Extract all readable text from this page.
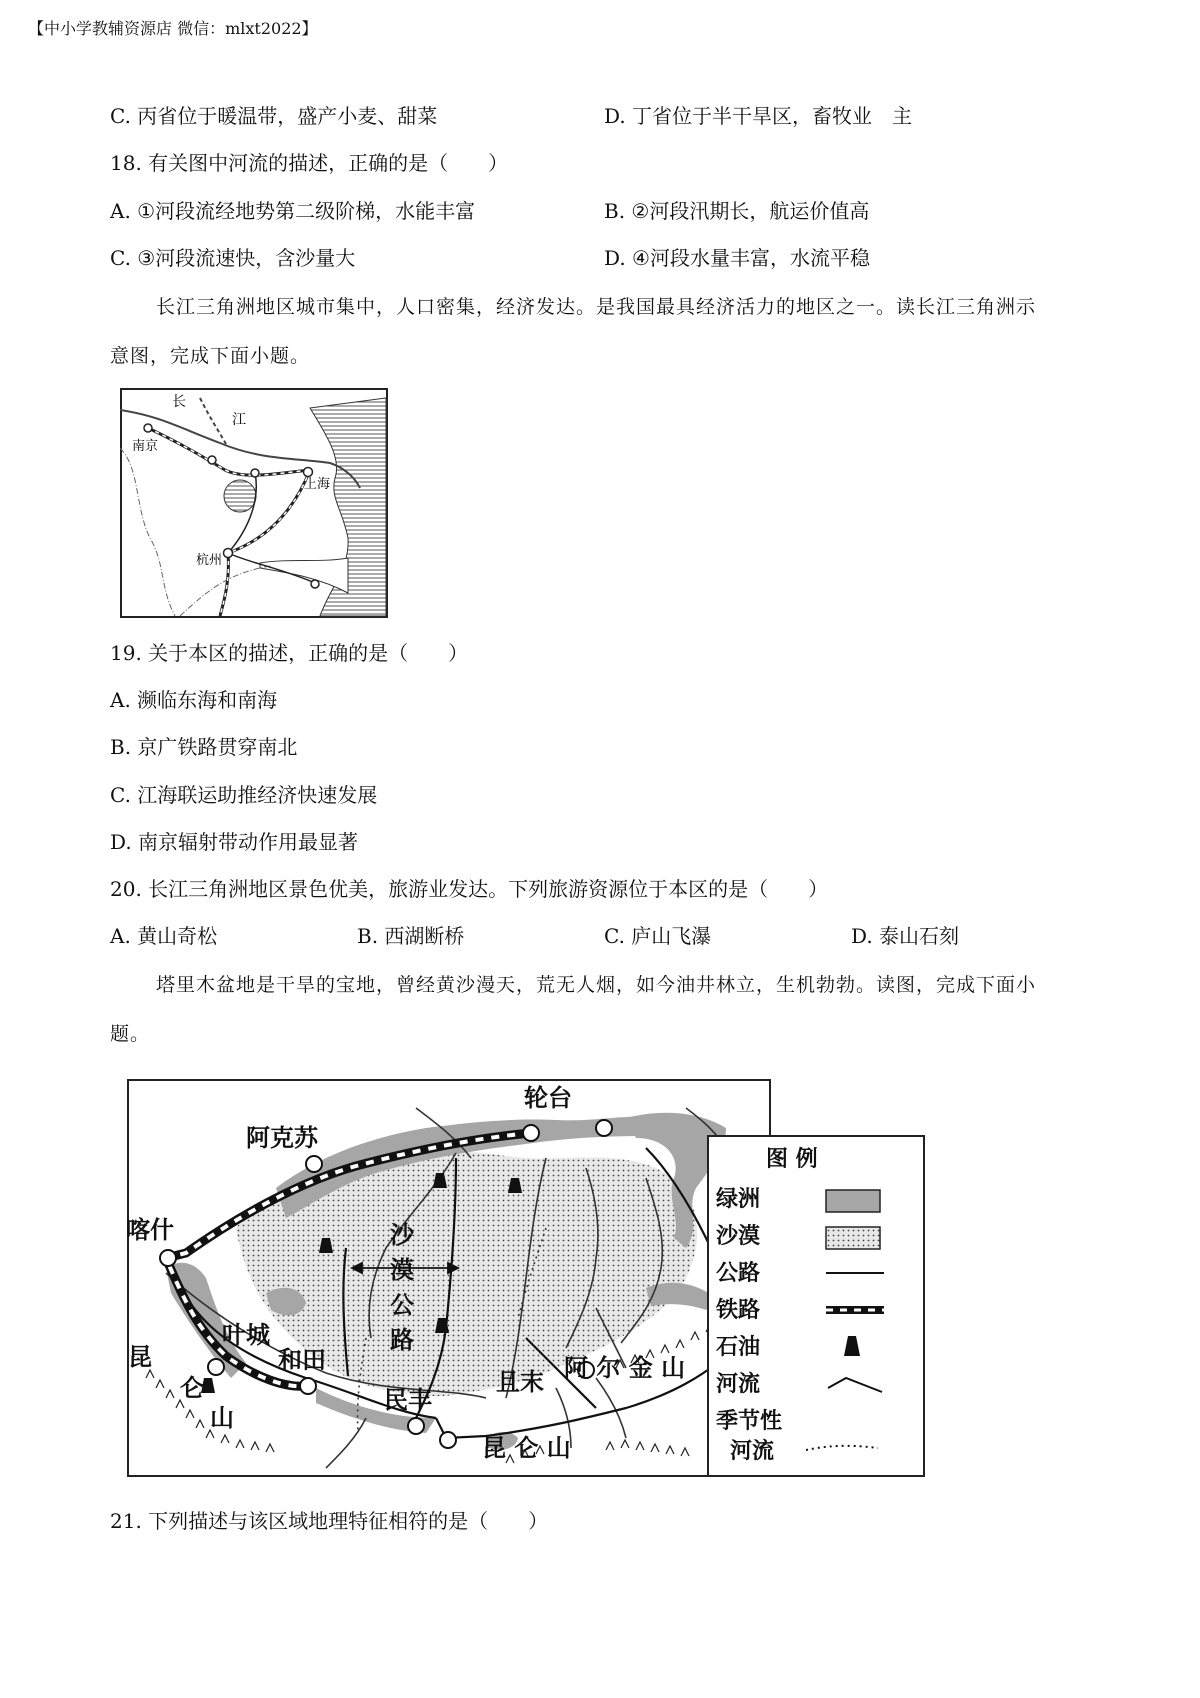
【中小学教辅资源店 微信：mlxt2022】
C. 丙省位于暖温带，盛产小麦、甜菜	D. 丁省位于半干旱区，畜牧业　主
18. 有关图中河流的描述，正确的是（　　）
A. ①河段流经地势第二级阶梯，水能丰富	B. ②河段汛期长，航运价值高
C. ③河段流速快，含沙量大	D. ④河段水量丰富，水流平稳
长江三角洲地区城市集中，人口密集，经济发达。是我国最具经济活力的地区之一。读长江三角洲示
意图，完成下面小题。
长
江
南京
上海
杭州
19. 关于本区的描述，正确的是（　　）
A. 濒临东海和南海
B. 京广铁路贯穿南北
C. 江海联运助推经济快速发展
D. 南京辐射带动作用最显著
20. 长江三角洲地区景色优美，旅游业发达。下列旅游资源位于本区的是（　　）
A. 黄山奇松	B. 西湖断桥	C. 庐山飞瀑	D. 泰山石刻
塔里木盆地是干旱的宝地，曾经黄沙漫天，荒无人烟，如今油井林立，生机勃勃。读图，完成下面小
题。
阿克苏
轮台
喀什
叶城
和田
民丰
且末
沙
漠
公
路
昆
仑
山
昆 仑 山
阿 尔 金 山
图 例
绿洲
沙漠
公路
铁路
石油
河流
季节性
河流
21. 下列描述与该区域地理特征相符的是（　　）
